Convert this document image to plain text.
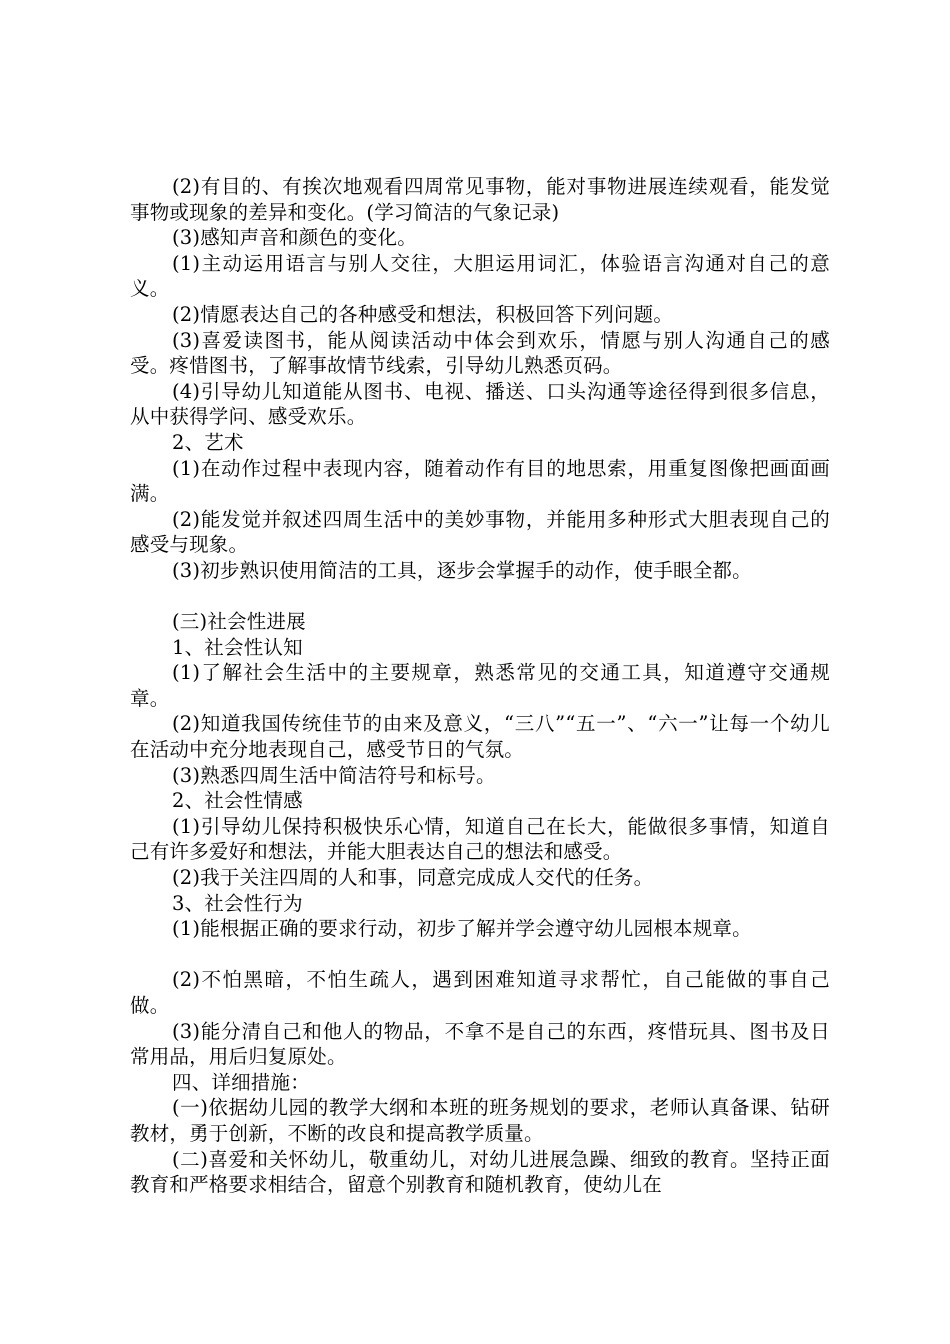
(2)有目的、有挨次地观看四周常见事物，能对事物进展连续观看，能发觉事物或现象的差异和变化。(学习简洁的气象记录)

(3)感知声音和颜色的变化。

(1)主动运用语言与别人交往，大胆运用词汇，体验语言沟通对自己的意义。

(2)情愿表达自己的各种感受和想法，积极回答下列问题。

(3)喜爱读图书，能从阅读活动中体会到欢乐，情愿与别人沟通自己的感受。疼惜图书，了解事故情节线索，引导幼儿熟悉页码。

(4)引导幼儿知道能从图书、电视、播送、口头沟通等途径得到很多信息，从中获得学问、感受欢乐。

2、艺术

(1)在动作过程中表现内容，随着动作有目的地思索，用重复图像把画面画满。

(2)能发觉并叙述四周生活中的美妙事物，并能用多种形式大胆表现自己的感受与现象。

(3)初步熟识使用简洁的工具，逐步会掌握手的动作，使手眼全都。

(三)社会性进展

1、社会性认知

(1)了解社会生活中的主要规章，熟悉常见的交通工具，知道遵守交通规章。

(2)知道我国传统佳节的由来及意义，“三八”“五一”、“六一”让每一个幼儿在活动中充分地表现自己，感受节日的气氛。

(3)熟悉四周生活中简洁符号和标号。

2、社会性情感

(1)引导幼儿保持积极快乐心情，知道自己在长大，能做很多事情，知道自己有许多爱好和想法，并能大胆表达自己的想法和感受。

(2)我于关注四周的人和事，同意完成成人交代的任务。

3、社会性行为

(1)能根据正确的要求行动，初步了解并学会遵守幼儿园根本规章。

(2)不怕黑暗，不怕生疏人，遇到困难知道寻求帮忙，自己能做的事自己做。

(3)能分清自己和他人的物品，不拿不是自己的东西，疼惜玩具、图书及日常用品，用后归复原处。

四、详细措施：

(一)依据幼儿园的教学大纲和本班的班务规划的要求，老师认真备课、钻研教材，勇于创新，不断的改良和提高教学质量。

(二)喜爱和关怀幼儿，敬重幼儿，对幼儿进展急躁、细致的教育。坚持正面教育和严格要求相结合，留意个别教育和随机教育，使幼儿在
